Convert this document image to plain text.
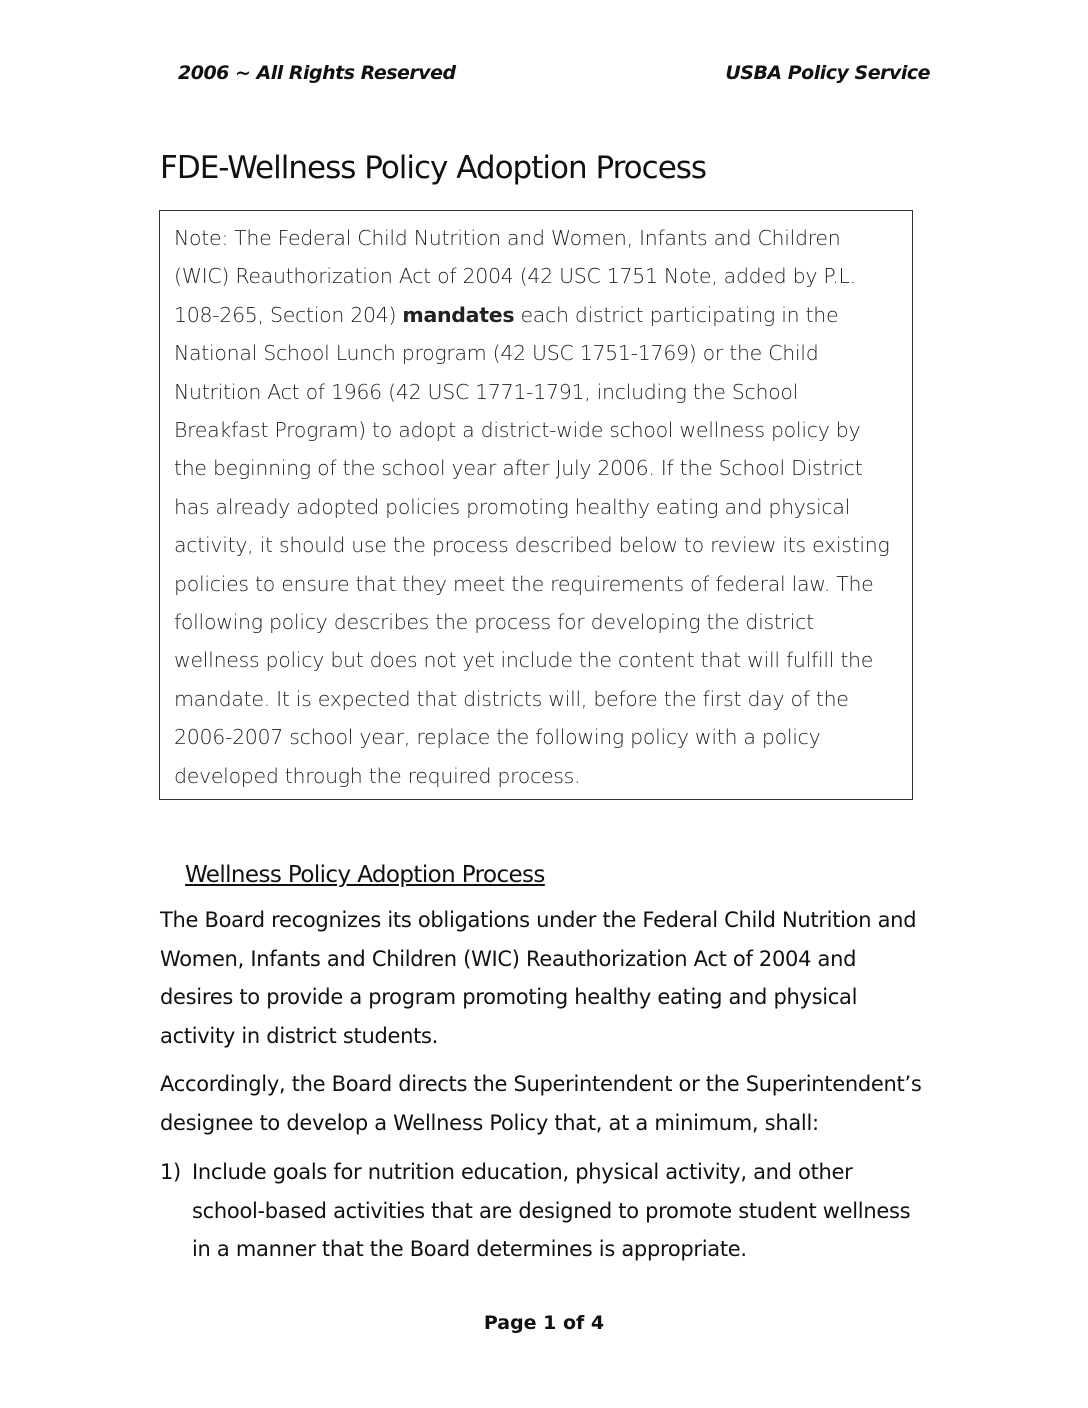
2006 ~ All Rights Reserved	USBA Policy Service
FDE-Wellness Policy Adoption Process

Note: The Federal Child Nutrition and Women, Infants and Children (WIC) Reauthorization Act of 2004 (42 USC 1751 Note, added by P.L. 108-265, Section 204) mandates each district participating in the National School Lunch program (42 USC 1751-1769) or the Child Nutrition Act of 1966 (42 USC 1771-1791, including the School Breakfast Program) to adopt a district-wide school wellness policy by the beginning of the school year after July 2006. If the School District has already adopted policies promoting healthy eating and physical activity, it should use the process described below to review its existing policies to ensure that they meet the requirements of federal law. The following policy describes the process for developing the district wellness policy but does not yet include the content that will fulfill the mandate. It is expected that districts will, before the first day of the 2006-2007 school year, replace the following policy with a policy developed through the required process.

Wellness Policy Adoption Process

The Board recognizes its obligations under the Federal Child Nutrition and Women, Infants and Children (WIC) Reauthorization Act of 2004 and desires to provide a program promoting healthy eating and physical activity in district students.

Accordingly, the Board directs the Superintendent or the Superintendent’s designee to develop a Wellness Policy that, at a minimum, shall:

1) Include goals for nutrition education, physical activity, and other school-based activities that are designed to promote student wellness in a manner that the Board determines is appropriate.
Page 1 of 4
